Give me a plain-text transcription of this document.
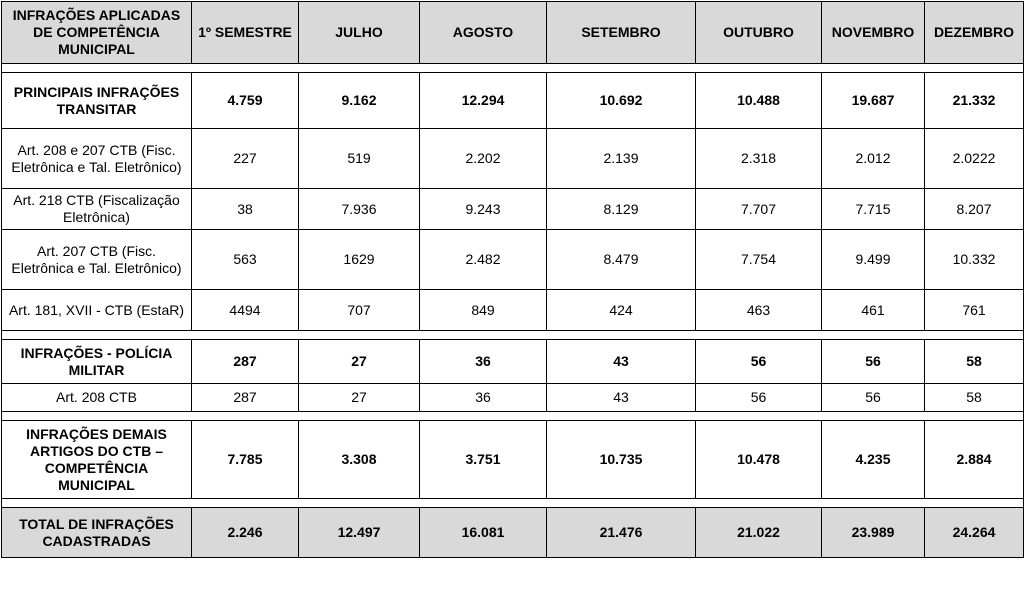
INFRAÇÕES APLICADAS DE COMPETÊNCIA MUNICIPAL	1º SEMESTRE	JULHO	AGOSTO	SETEMBRO	OUTUBRO	NOVEMBRO	DEZEMBRO

PRINCIPAIS INFRAÇÕES TRANSITAR	4.759	9.162	12.294	10.692	10.488	19.687	21.332
Art. 208 e 207 CTB (Fisc. Eletrônica e Tal. Eletrônico)	227	519	2.202	2.139	2.318	2.012	2.0222
Art. 218 CTB (Fiscalização Eletrônica)	38	7.936	9.243	8.129	7.707	7.715	8.207
Art. 207 CTB (Fisc. Eletrônica e Tal. Eletrônico)	563	1629	2.482	8.479	7.754	9.499	10.332
Art. 181, XVII - CTB (EstaR)	4494	707	849	424	463	461	761

INFRAÇÕES - POLÍCIA MILITAR	287	27	36	43	56	56	58
Art. 208 CTB	287	27	36	43	56	56	58

INFRAÇÕES DEMAIS ARTIGOS DO CTB – COMPETÊNCIA MUNICIPAL	7.785	3.308	3.751	10.735	10.478	4.235	2.884

TOTAL DE INFRAÇÕES CADASTRADAS	2.246	12.497	16.081	21.476	21.022	23.989	24.264
